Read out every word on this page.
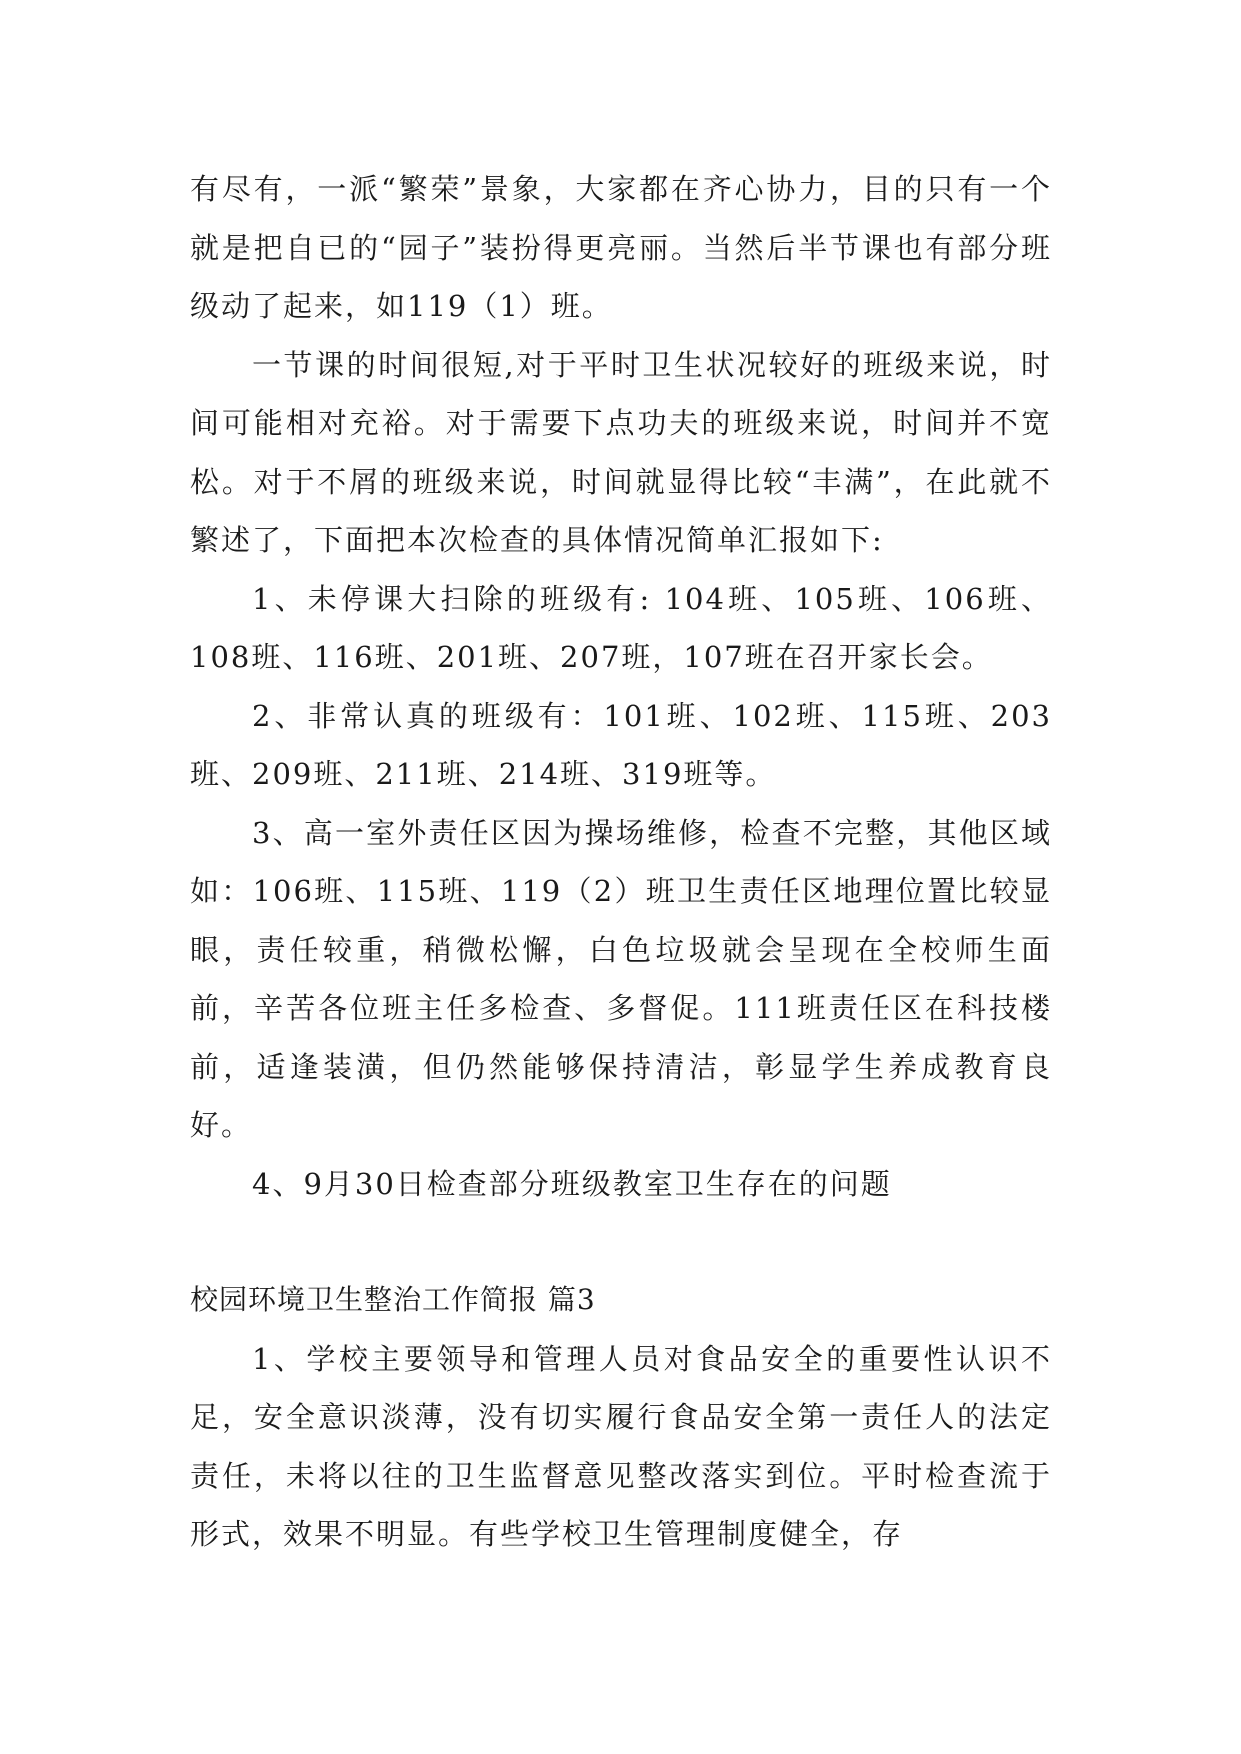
有尽有，一派“繁荣”景象，大家都在齐心协力，目的只有一个就是把自已的“园子”装扮得更亮丽。当然后半节课也有部分班级动了起来，如119（1）班。

一节课的时间很短,对于平时卫生状况较好的班级来说，时间可能相对充裕。对于需要下点功夫的班级来说，时间并不宽松。对于不屑的班级来说，时间就显得比较“丰满”，在此就不繁述了，下面把本次检查的具体情况简单汇报如下:

1、未停课大扫除的班级有: 104班、105班、106班、108班、116班、201班、207班，107班在召开家长会。

2、非常认真的班级有：101班、102班、115班、203班、209班、211班、214班、319班等。

3、高一室外责任区因为操场维修，检查不完整，其他区域如：106班、115班、119（2）班卫生责任区地理位置比较显眼，责任较重，稍微松懈，白色垃圾就会呈现在全校师生面前，辛苦各位班主任多检查、多督促。111班责任区在科技楼前，适逢装潢，但仍然能够保持清洁，彰显学生养成教育良好。

4、9月30日检查部分班级教室卫生存在的问题

校园环境卫生整治工作简报 篇3

1、学校主要领导和管理人员对食品安全的重要性认识不足，安全意识淡薄，没有切实履行食品安全第一责任人的法定责任，未将以往的卫生监督意见整改落实到位。平时检查流于形式，效果不明显。有些学校卫生管理制度健全，存
